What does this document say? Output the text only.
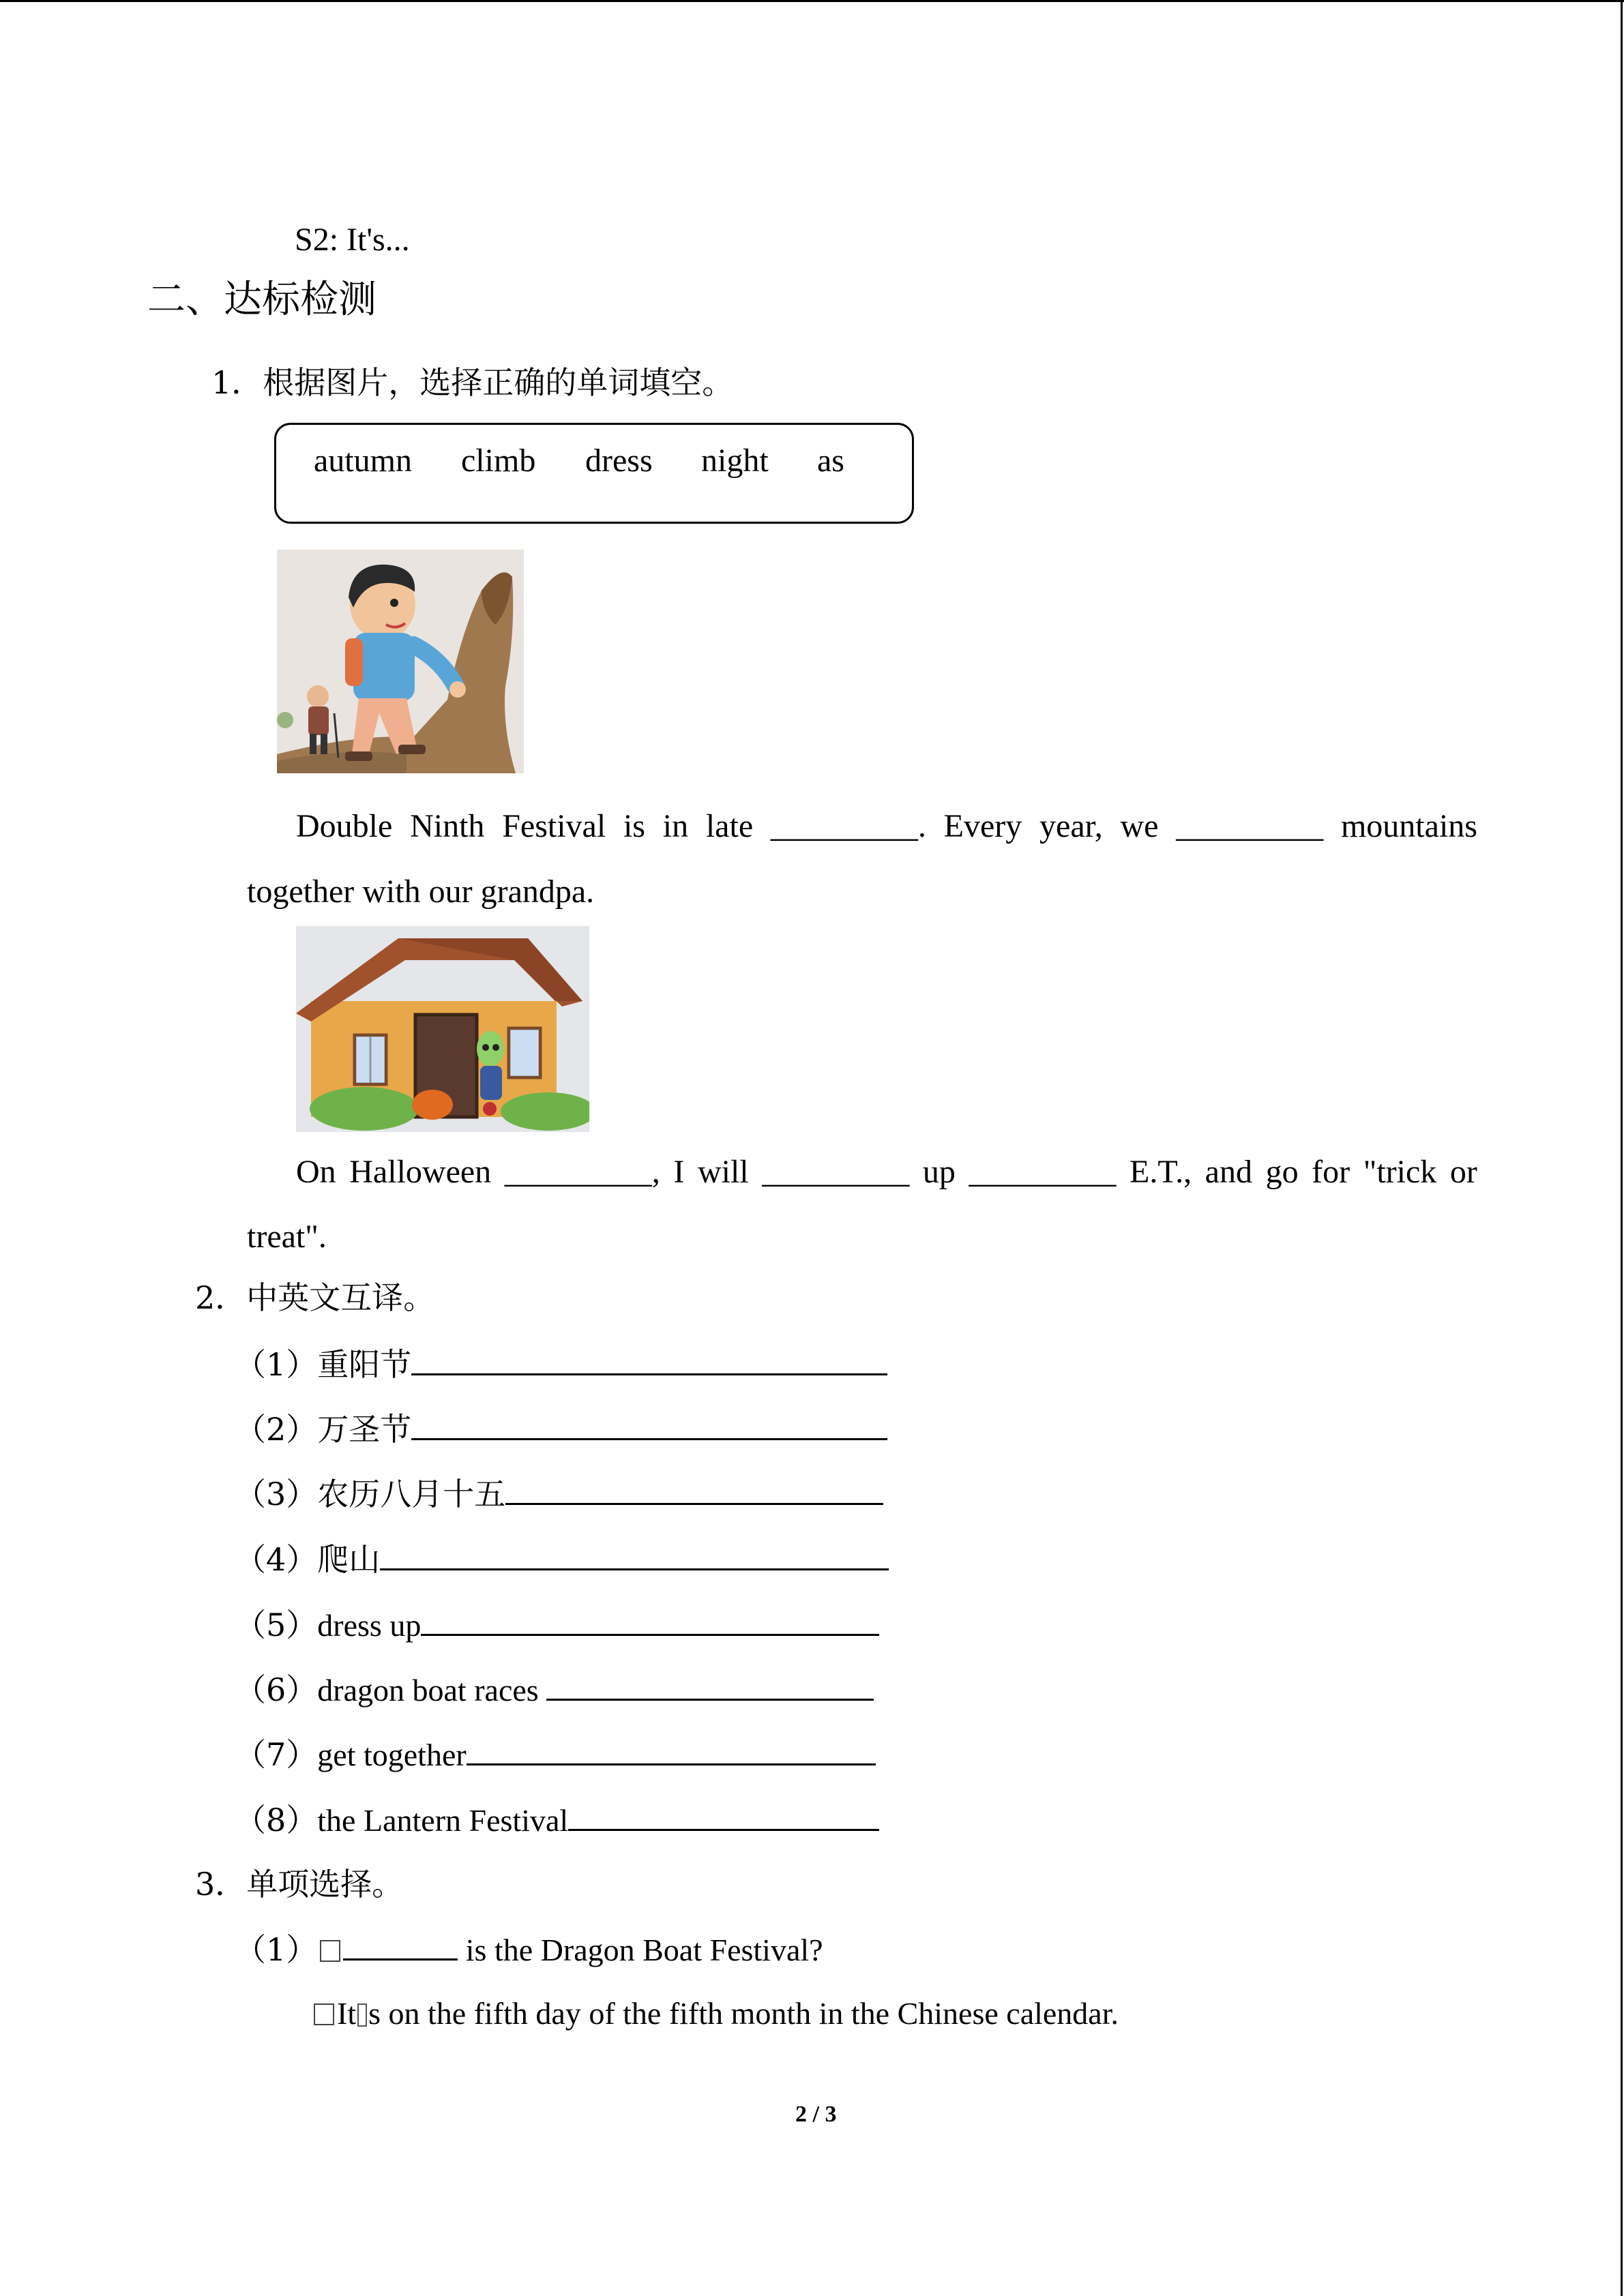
S2: It's...
二、达标检测
1．根据图片，选择正确的单词填空。
autumn climb dress night as
Double Ninth Festival is in late _________. Every year, we _________ mountains
together with our grandpa.
On Halloween _________, I will _________ up _________ E.T., and go for "trick or
treat".
2．中英文互译。
（1）重阳节
（2）万圣节
（3）农历八月十五
（4）爬山
（5）dress up
（6）dragon boat races
（7）get together
（8）the Lantern Festival
3．单项选择。
（1）	is the Dragon Boat Festival?
It s on the fifth day of the fifth month in the Chinese calendar.
2 / 3
